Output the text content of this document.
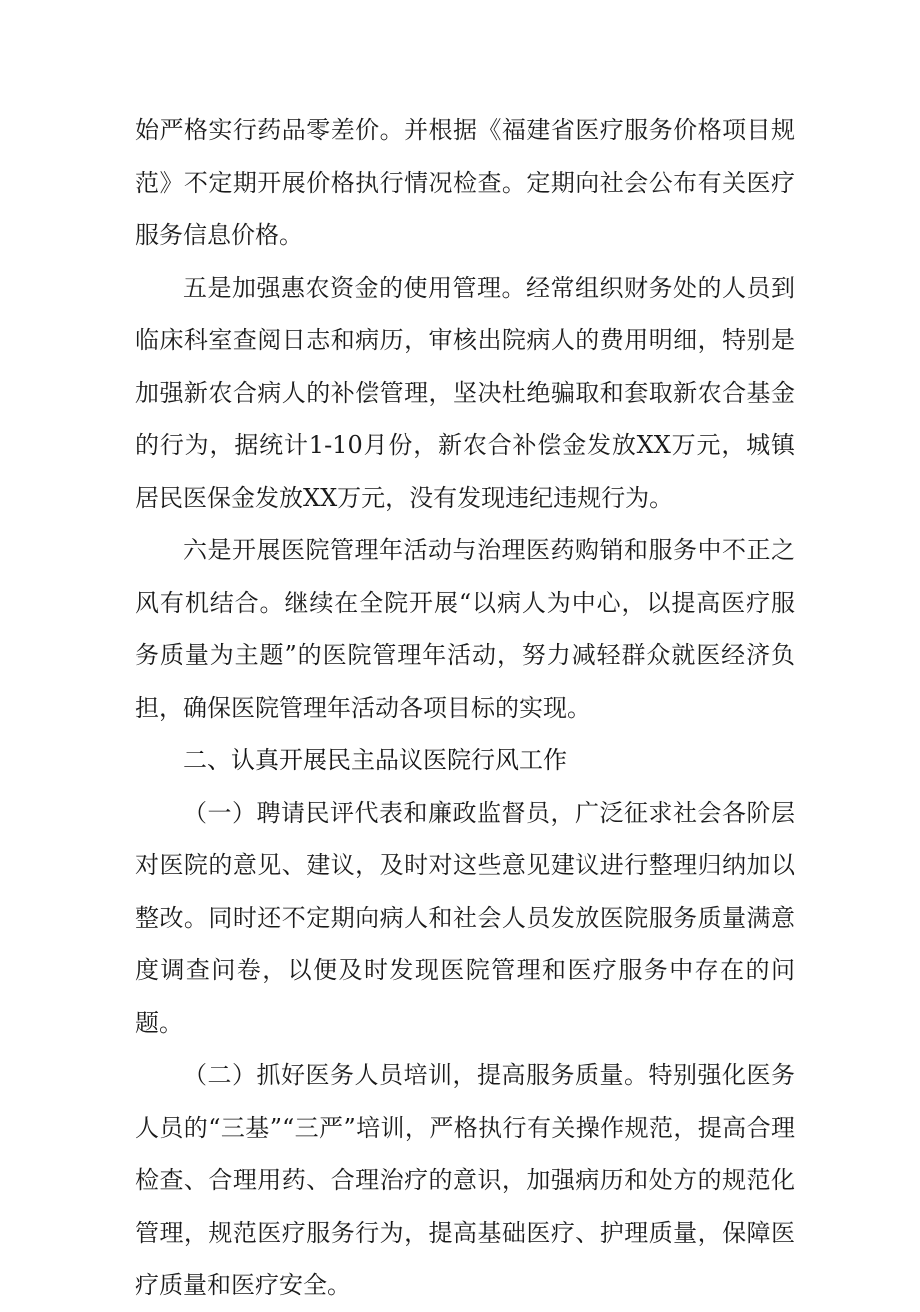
始严格实行药品零差价。并根据《福建省医疗服务价格项目规范》不定期开展价格执行情况检查。定期向社会公布有关医疗服务信息价格。

五是加强惠农资金的使用管理。经常组织财务处的人员到临床科室查阅日志和病历，审核出院病人的费用明细，特别是加强新农合病人的补偿管理，坚决杜绝骗取和套取新农合基金的行为，据统计1-10月份，新农合补偿金发放XX万元，城镇居民医保金发放XX万元，没有发现违纪违规行为。

六是开展医院管理年活动与治理医药购销和服务中不正之风有机结合。继续在全院开展“以病人为中心，以提高医疗服务质量为主题”的医院管理年活动，努力减轻群众就医经济负担，确保医院管理年活动各项目标的实现。

二、认真开展民主品议医院行风工作

（一）聘请民评代表和廉政监督员，广泛征求社会各阶层对医院的意见、建议，及时对这些意见建议进行整理归纳加以整改。同时还不定期向病人和社会人员发放医院服务质量满意度调查问卷，以便及时发现医院管理和医疗服务中存在的问题。

（二）抓好医务人员培训，提高服务质量。特别强化医务人员的“三基”“三严”培训，严格执行有关操作规范，提高合理检查、合理用药、合理治疗的意识，加强病历和处方的规范化管理，规范医疗服务行为，提高基础医疗、护理质量，保障医疗质量和医疗安全。
